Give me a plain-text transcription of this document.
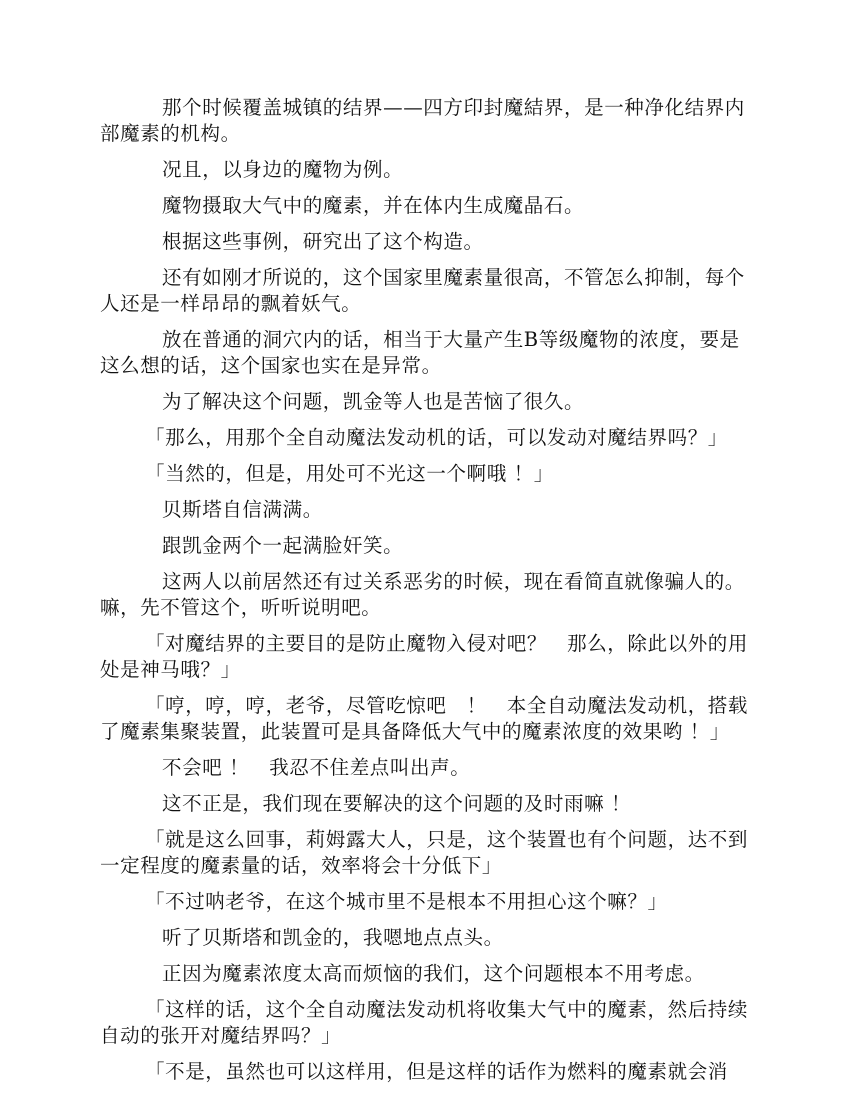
那个时候覆盖城镇的结界——四方印封魔結界，是一种净化结界内部魔素的机构。

况且，以身边的魔物为例。

魔物摄取大气中的魔素，并在体内生成魔晶石。

根据这些事例，研究出了这个构造。

还有如刚才所说的，这个国家里魔素量很高，不管怎么抑制，每个人还是一样昂昂的飘着妖气。

放在普通的洞穴内的话，相当于大量产生B等级魔物的浓度，要是这么想的话，这个国家也实在是异常。

为了解决这个问题，凯金等人也是苦恼了很久。

「那么，用那个全自动魔法发动机的话，可以发动对魔结界吗？」

「当然的，但是，用处可不光这一个啊哦 ！」

贝斯塔自信满满。

跟凯金两个一起满脸奸笑。

这两人以前居然还有过关系恶劣的时候，现在看简直就像骗人的。嘛，先不管这个，听听说明吧。

「对魔结界的主要目的是防止魔物入侵对吧？　那么，除此以外的用处是神马哦？」

「哼，哼，哼，老爷，尽管吃惊吧　！　本全自动魔法发动机，搭载了魔素集聚装置，此装置可是具备降低大气中的魔素浓度的效果哟 ！」

不会吧 ！　我忍不住差点叫出声。

这不正是，我们现在要解决的这个问题的及时雨嘛 ！

「就是这么回事，莉姆露大人，只是，这个装置也有个问题，达不到一定程度的魔素量的话，效率将会十分低下」

「不过呐老爷，在这个城市里不是根本不用担心这个嘛？」

听了贝斯塔和凯金的，我嗯地点点头。

正因为魔素浓度太高而烦恼的我们，这个问题根本不用考虑。

「这样的话，这个全自动魔法发动机将收集大气中的魔素，然后持续自动的张开对魔结界吗？」

「不是，虽然也可以这样用，但是这样的话作为燃料的魔素就会消
